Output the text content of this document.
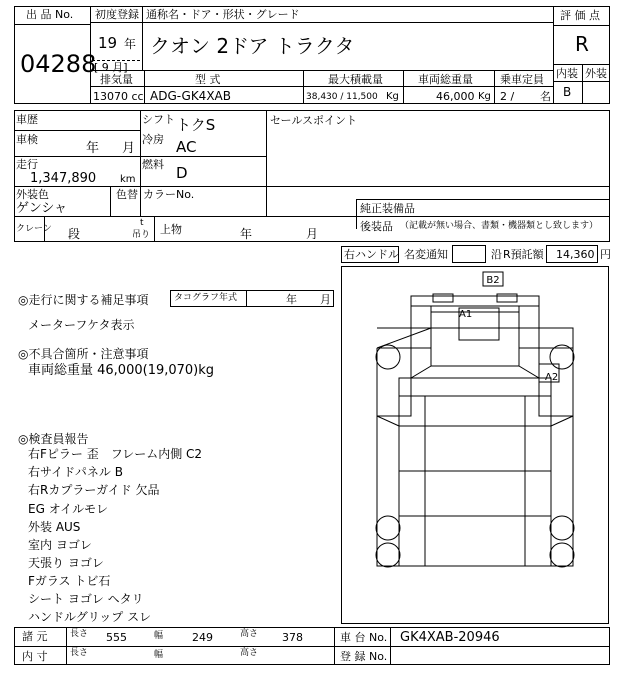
出 品 No.
04288
初度登録 通称名・ドア・形状・グレード
19 年
[ 9 月]
クオン 2ドア トラクタ
評 価 点
R
内装 外装
B
排気量	型 式	最大積載量	車両総重量 乗車定員
13070 cc ADG-GK4XAB	38,430 / 11,500 Kg	46,000 Kg 2 / 名
車歴
車検
年 月
走行
1,347,890 km
シフト トクS
冷房 AC
燃料 D
セールスポイント
外装色
ゲンシャ
色替 カラーNo.
純正装備品
後装品 （記載が無い場合、書類・機器類とし致します）
クレーン 段
t
吊り 上物	年	月
右ハンドル 名変通知	沿 R預託額 14,360 円
◎走行に関する補足事項	タコグラフ年式	年 月
メーターフケタ表示
◎不具合箇所・注意事項
車両総重量 46,000(19,070)kg
◎検査員報告
右Fピラー 歪　フレーム内側 C2
右サイドパネル B
右Rカプラーガイド 欠品
EG オイルモレ
外装 AUS
室内 ヨゴレ
天張り ヨゴレ
Fガラス トビ石
シート ヨゴレ ヘタリ
ハンドルグリップ スレ
B2
A1
A2
諸 元	長さ 555	幅	249	高さ 378	車 台 No. GK4XAB-20946
内 寸	長さ	幅	高さ	登 録 No.
